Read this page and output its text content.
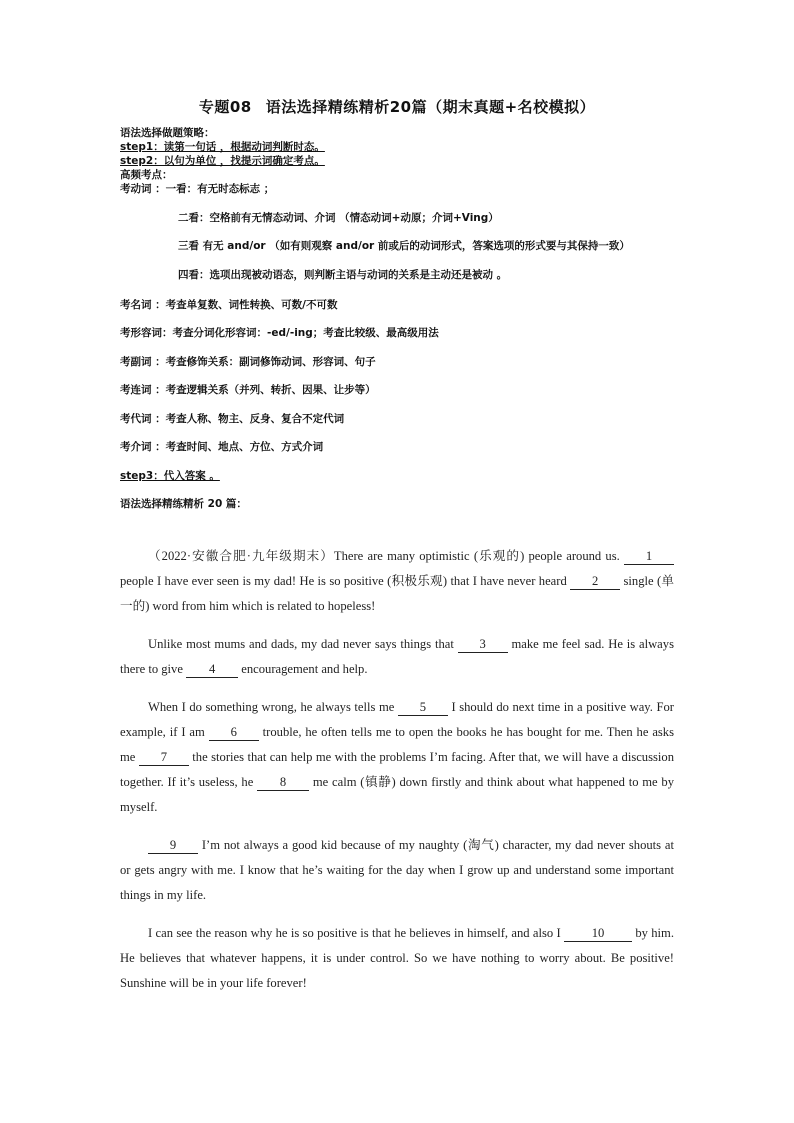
专题08 语法选择精练精析20篇（期末真题+名校模拟）
语法选择做题策略：
step1：读第一句话 ，根据动词判断时态。
step2：以句为单位 ，找提示词确定考点。
高频考点：
考动词 ：一看：有无时态标志 ；
二看：空格前有无情态动词、介词 （情态动词+动原；介词+Ving）
三看 有无 and/or （如有则观察 and/or 前或后的动词形式，答案选项的形式要与其保持一致）
四看：选项出现被动语态，则判断主语与动词的关系是主动还是被动 。
考名词 ：考查单复数、词性转换、可数/不可数
考形容词：考查分词化形容词：-ed/-ing；考查比较级、最高级用法
考副词 ：考查修饰关系：副词修饰动词、形容词、句子
考连词 ：考查逻辑关系（并列、转折、因果、让步等）
考代词 ：考查人称、物主、反身、复合不定代词
考介词 ：考查时间、地点、方位、方式介词
step3：代入答案 。
语法选择精练精析 20 篇：

（2022·安徽合肥·九年级期末）There are many optimistic (乐观的) people around us. 1 people I have ever seen is my dad! He is so positive (积极乐观) that I have never heard 2 single (单一的) word from him which is related to hopeless!

Unlike most mums and dads, my dad never says things that 3 make me feel sad. He is always there to give 4 encouragement and help.

When I do something wrong, he always tells me 5 I should do next time in a positive way. For example, if I am 6 trouble, he often tells me to open the books he has bought for me. Then he asks me 7 the stories that can help me with the problems I’m facing. After that, we will have a discussion together. If it’s useless, he 8 me calm (镇静) down firstly and think about what happened to me by myself.

9 I’m not always a good kid because of my naughty (淘气) character, my dad never shouts at or gets angry with me. I know that he’s waiting for the day when I grow up and understand some important things in my life.

I can see the reason why he is so positive is that he believes in himself, and also I 10 by him. He believes that whatever happens, it is under control. So we have nothing to worry about. Be positive! Sunshine will be in your life forever!
